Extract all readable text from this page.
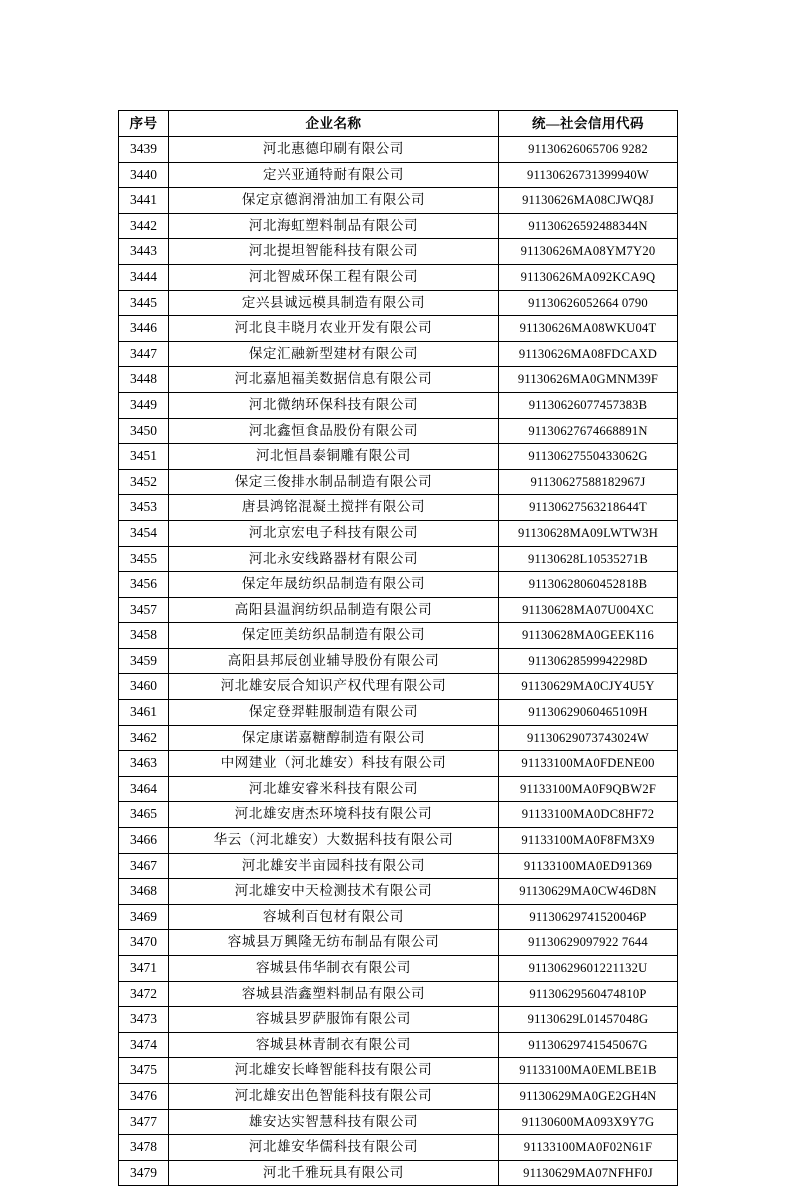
序号	企业名称	统—社会信用代码
3439	河北惠德印刷有限公司	91130626065706 9282
3440	定兴亚通特耐有限公司	91130626731399940W
3441	保定京德润滑油加工有限公司	91130626MA08CJWQ8J
3442	河北海虹塑料制品有限公司	91130626592488344N
3443	河北提坦智能科技有限公司	91130626MA08YM7Y20
3444	河北智威环保工程有限公司	91130626MA092KCA9Q
3445	定兴县诚远模具制造有限公司	91130626052664 0790
3446	河北良丰晓月农业开发有限公司	91130626MA08WKU04T
3447	保定汇融新型建材有限公司	91130626MA08FDCAXD
3448	河北嘉旭福美数据信息有限公司	91130626MA0GMNM39F
3449	河北微纳环保科技有限公司	91130626077457383B
3450	河北鑫恒食品股份有限公司	91130627674668891N
3451	河北恒昌泰铜雕有限公司	91130627550433062G
3452	保定三俊排水制品制造有限公司	91130627588182967J
3453	唐县鸿铭混凝土搅拌有限公司	91130627563218644T
3454	河北京宏电子科技有限公司	91130628MA09LWTW3H
3455	河北永安线路器材有限公司	91130628L10535271B
3456	保定年晟纺织品制造有限公司	91130628060452818B
3457	高阳县温润纺织品制造有限公司	91130628MA07U004XC
3458	保定匝美纺织品制造有限公司	91130628MA0GEEK116
3459	高阳县邦辰创业辅导股份有限公司	91130628599942298D
3460	河北雄安辰合知识产权代理有限公司	91130629MA0CJY4U5Y
3461	保定登羿鞋服制造有限公司	91130629060465109H
3462	保定康诺嘉糖醇制造有限公司	91130629073743024W
3463	中网建业（河北雄安）科技有限公司	91133100MA0FDENE00
3464	河北雄安睿米科技有限公司	91133100MA0F9QBW2F
3465	河北雄安唐杰环境科技有限公司	91133100MA0DC8HF72
3466	华云（河北雄安）大数据科技有限公司	91133100MA0F8FM3X9
3467	河北雄安半亩园科技有限公司	91133100MA0ED91369
3468	河北雄安中天检测技术有限公司	91130629MA0CW46D8N
3469	容城利百包材有限公司	91130629741520046P
3470	容城县万興隆无纺布制品有限公司	91130629097922 7644
3471	容城县伟华制衣有限公司	91130629601221132U
3472	容城县浩鑫塑料制品有限公司	91130629560474810P
3473	容城县罗萨服饰有限公司	91130629L01457048G
3474	容城县林青制衣有限公司	91130629741545067G
3475	河北雄安长峰智能科技有限公司	91133100MA0EMLBE1B
3476	河北雄安出色智能科技有限公司	91130629MA0GE2GH4N
3477	雄安达实智慧科技有限公司	91130600MA093X9Y7G
3478	河北雄安华儒科技有限公司	91133100MA0F02N61F
3479	河北千雅玩具有限公司	91130629MA07NFHF0J
